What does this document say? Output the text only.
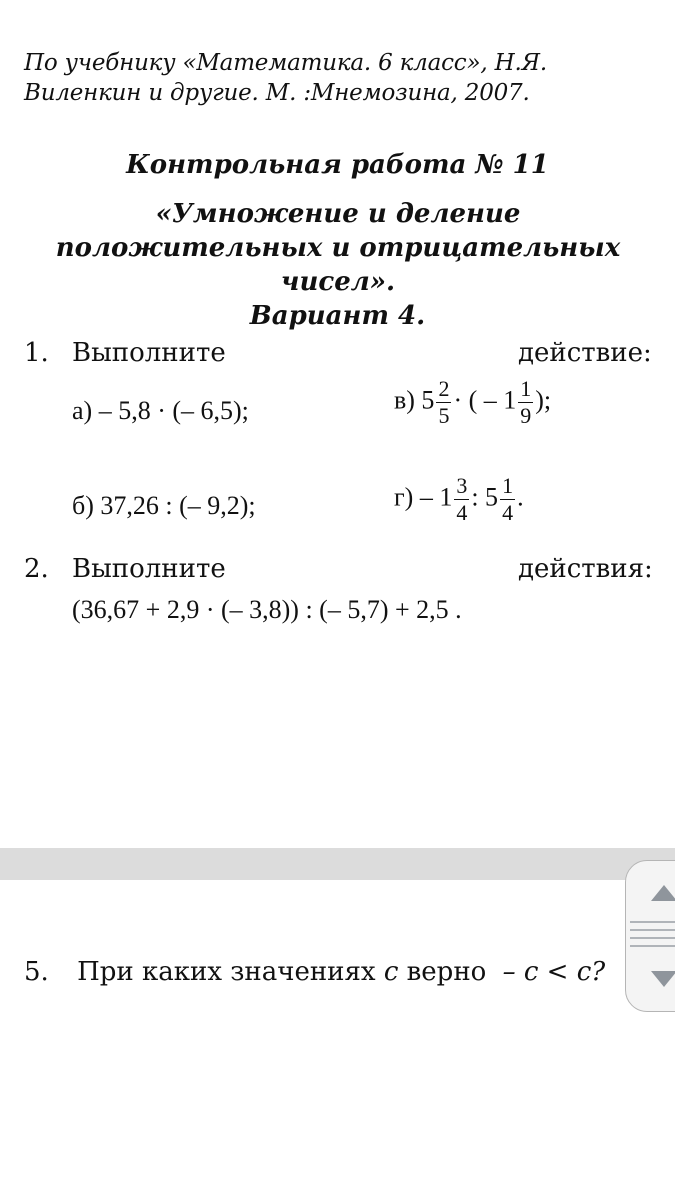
По учебнику «Математика. 6 класс», Н.Я. Виленкин и другие. М. :Мнемозина, 2007.
Контрольная работа № 11
«Умножение и деление положительных и отрицательных чисел».
Вариант 4.
1. Выполните	действие:
а) – 5,8 · (– 6,5);	в) $5 \frac{2}{5}$ · ( – $1 \frac{1}{9}$ );
б) 37,26 : (– 9,2);	$г) - 1 \frac{3}{4}$ : $5 \frac{1}{4}$ .
2. Выполните	действия:
(36,67 + 2,9 · (– 3,8)) : (– 5,7) + 2,5 .
5. При каких значениях c верно – c < c?
